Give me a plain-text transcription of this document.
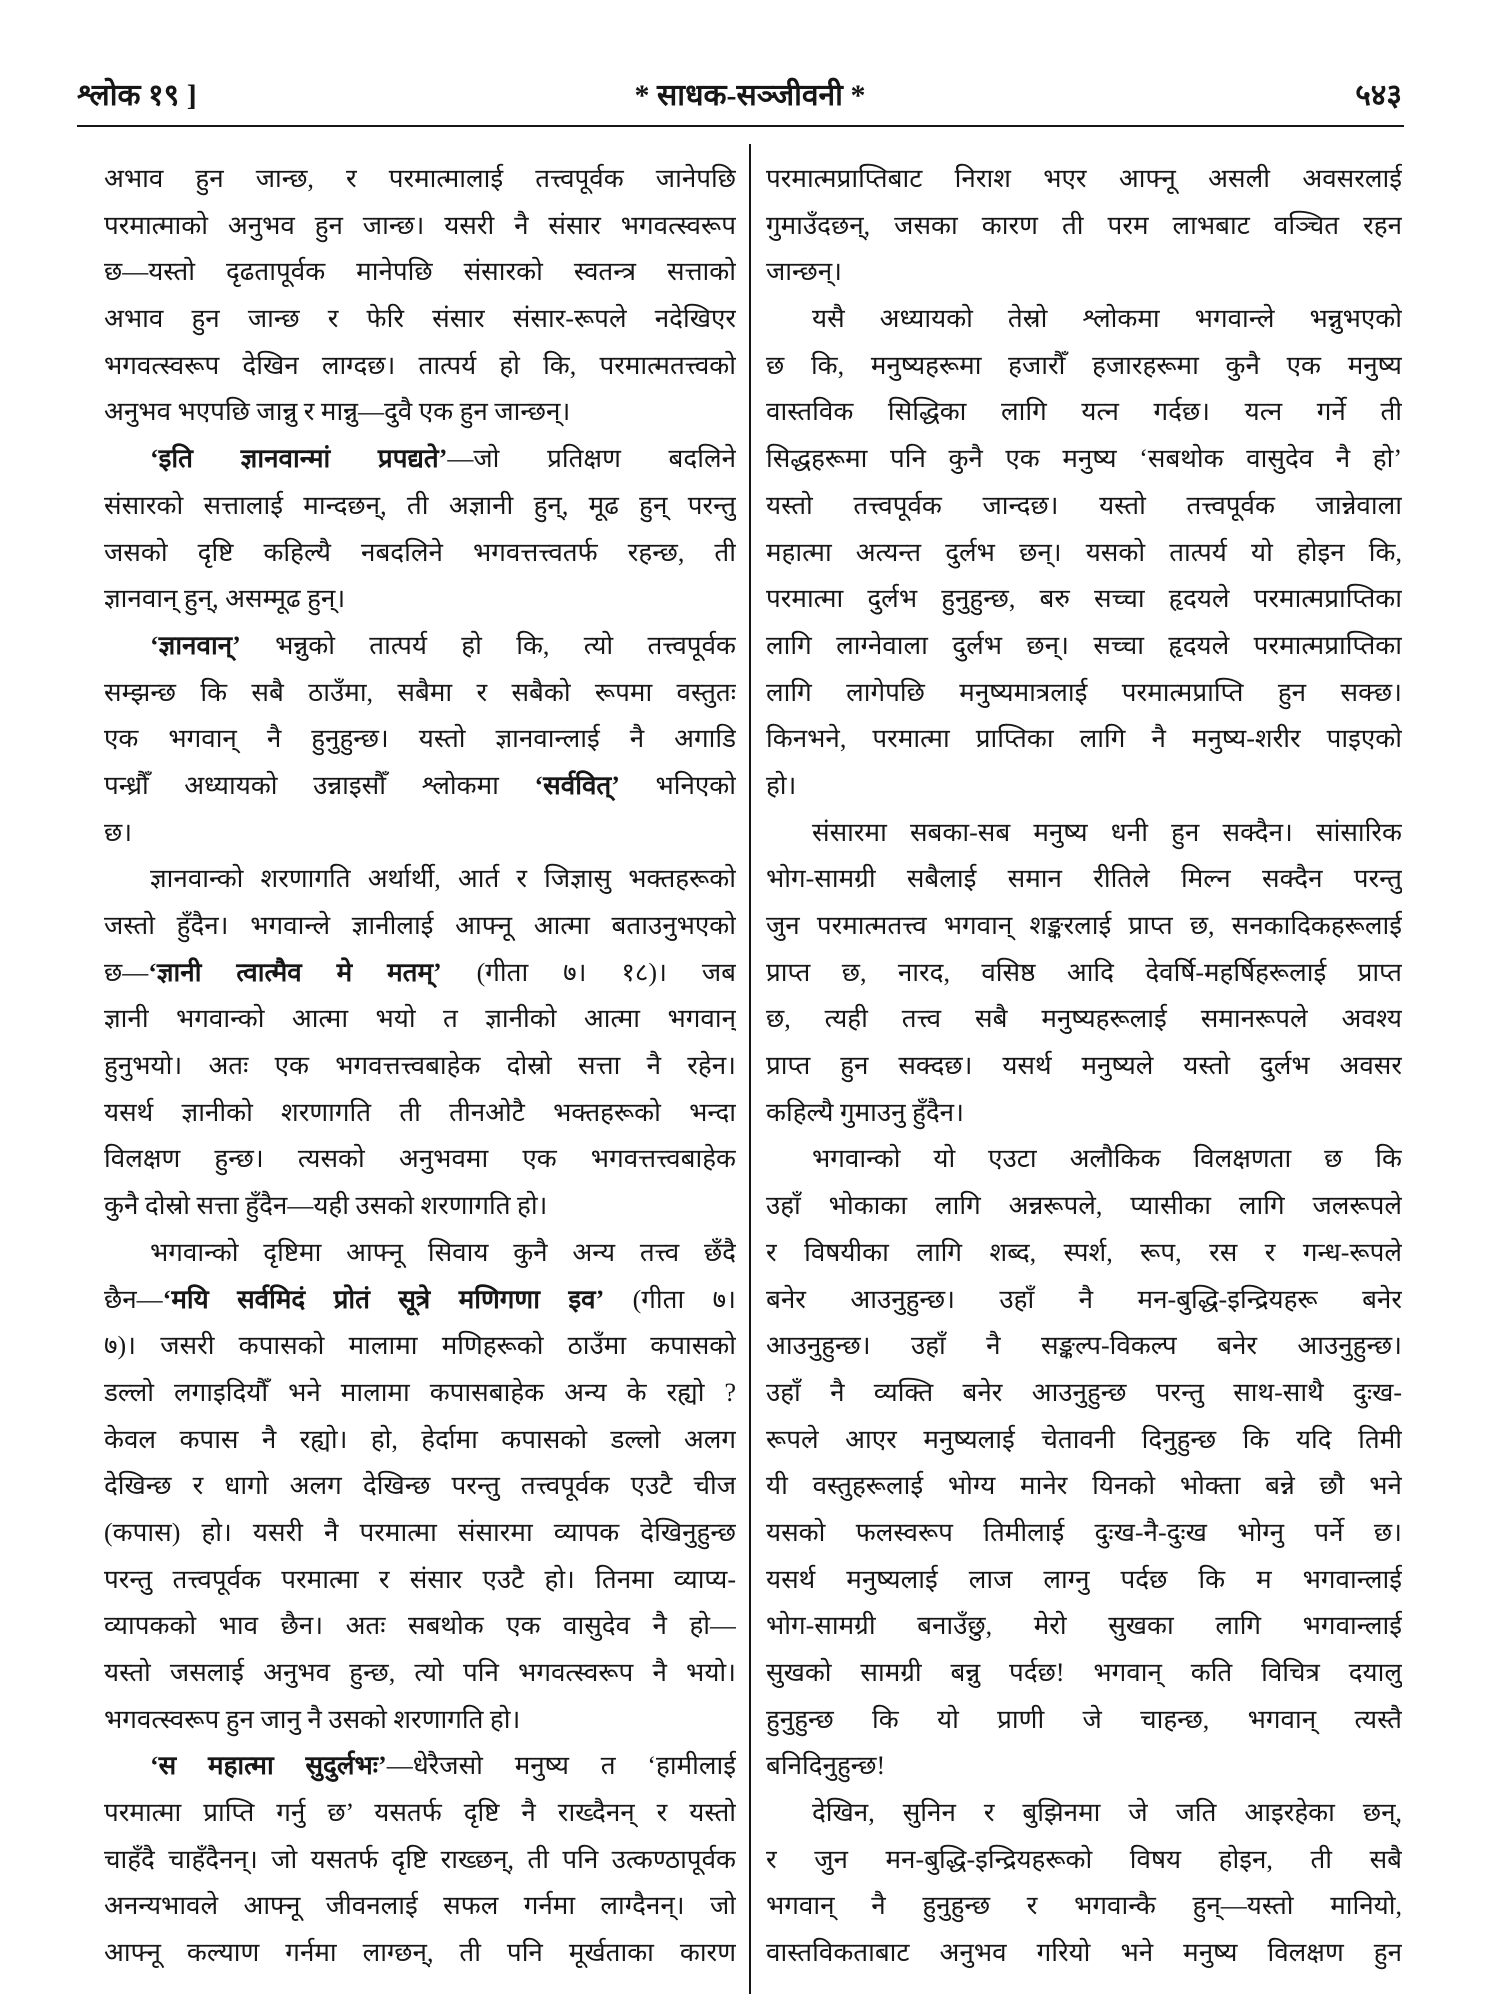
श्लोक १९ ]	* साधक-सञ्जीवनी *	५४३
अभाव हुन जान्छ, र परमात्मालाई तत्त्वपूर्वक जानेपछि
परमात्माको अनुभव हुन जान्छ। यसरी नै संसार भगवत्स्वरूप
छ—यस्तो दृढतापूर्वक मानेपछि संसारको स्वतन्त्र सत्ताको
अभाव हुन जान्छ र फेरि संसार संसार-रूपले नदेखिएर
भगवत्स्वरूप देखिन लाग्दछ। तात्पर्य हो कि, परमात्मतत्त्वको
अनुभव भएपछि जान्नु र मान्नु—दुवै एक हुन जान्छन्।
‘इति ज्ञानवान्मां प्रपद्यते’—जो प्रतिक्षण बदलिने
संसारको सत्तालाई मान्दछन्, ती अज्ञानी हुन्, मूढ हुन् परन्तु
जसको दृष्टि कहिल्यै नबदलिने भगवत्तत्त्वतर्फ रहन्छ, ती
ज्ञानवान् हुन्, असम्मूढ हुन्।
‘ज्ञानवान्’ भन्नुको तात्पर्य हो कि, त्यो तत्त्वपूर्वक
सम्झन्छ कि सबै ठाउँमा, सबैमा र सबैको रूपमा वस्तुतः
एक भगवान् नै हुनुहुन्छ। यस्तो ज्ञानवान्लाई नै अगाडि
पन्ध्रौँ अध्यायको उन्नाइसौँ श्लोकमा ‘सर्ववित्’ भनिएको
छ।
ज्ञानवान्को शरणागति अर्थार्थी, आर्त र जिज्ञासु भक्तहरूको
जस्तो हुँदैन। भगवान्ले ज्ञानीलाई आफ्नू आत्मा बताउनुभएको
छ—‘ज्ञानी त्वात्मैव मे मतम्’ (गीता ७। १८)। जब
ज्ञानी भगवान्को आत्मा भयो त ज्ञानीको आत्मा भगवान्
हुनुभयो। अतः एक भगवत्तत्त्वबाहेक दोस्रो सत्ता नै रहेन।
यसर्थ ज्ञानीको शरणागति ती तीनओटै भक्तहरूको भन्दा
विलक्षण हुन्छ। त्यसको अनुभवमा एक भगवत्तत्त्वबाहेक
कुनै दोस्रो सत्ता हुँदैन—यही उसको शरणागति हो।
भगवान्को दृष्टिमा आफ्नू सिवाय कुनै अन्य तत्त्व छँदै
छैन—‘मयि सर्वमिदं प्रोतं सूत्रे मणिगणा इव’ (गीता ७।
७)। जसरी कपासको मालामा मणिहरूको ठाउँमा कपासको
डल्लो लगाइदियौँ भने मालामा कपासबाहेक अन्य के रह्यो ?
केवल कपास नै रह्यो। हो, हेर्दामा कपासको डल्लो अलग
देखिन्छ र धागो अलग देखिन्छ परन्तु तत्त्वपूर्वक एउटै चीज
(कपास) हो। यसरी नै परमात्मा संसारमा व्यापक देखिनुहुन्छ
परन्तु तत्त्वपूर्वक परमात्मा र संसार एउटै हो। तिनमा व्याप्य-
व्यापकको भाव छैन। अतः सबथोक एक वासुदेव नै हो—
यस्तो जसलाई अनुभव हुन्छ, त्यो पनि भगवत्स्वरूप नै भयो।
भगवत्स्वरूप हुन जानु नै उसको शरणागति हो।
‘स महात्मा सुदुर्लभः’—धेरैजसो मनुष्य त ‘हामीलाई
परमात्मा प्राप्ति गर्नु छ’ यसतर्फ दृष्टि नै राख्दैनन् र यस्तो
चाहँदै चाहँदैनन्। जो यसतर्फ दृष्टि राख्छन्, ती पनि उत्कण्ठापूर्वक
अनन्यभावले आफ्नू जीवनलाई सफल गर्नमा लाग्दैनन्। जो
आफ्नू कल्याण गर्नमा लाग्छन्, ती पनि मूर्खताका कारण
परमात्मप्राप्तिबाट निराश भएर आफ्नू असली अवसरलाई
गुमाउँदछन्, जसका कारण ती परम लाभबाट वञ्चित रहन
जान्छन्।
यसै अध्यायको तेस्रो श्लोकमा भगवान्ले भन्नुभएको
छ कि, मनुष्यहरूमा हजारौँ हजारहरूमा कुनै एक मनुष्य
वास्तविक सिद्धिका लागि यत्न गर्दछ। यत्न गर्ने ती
सिद्धहरूमा पनि कुनै एक मनुष्य ‘सबथोक वासुदेव नै हो’
यस्तो तत्त्वपूर्वक जान्दछ। यस्तो तत्त्वपूर्वक जान्नेवाला
महात्मा अत्यन्त दुर्लभ छन्। यसको तात्पर्य यो होइन कि,
परमात्मा दुर्लभ हुनुहुन्छ, बरु सच्चा हृदयले परमात्मप्राप्तिका
लागि लाग्नेवाला दुर्लभ छन्। सच्चा हृदयले परमात्मप्राप्तिका
लागि लागेपछि मनुष्यमात्रलाई परमात्मप्राप्ति हुन सक्छ।
किनभने, परमात्मा प्राप्तिका लागि नै मनुष्य-शरीर पाइएको
हो।
संसारमा सबका-सब मनुष्य धनी हुन सक्दैन। सांसारिक
भोग-सामग्री सबैलाई समान रीतिले मिल्न सक्दैन परन्तु
जुन परमात्मतत्त्व भगवान् शङ्करलाई प्राप्त छ, सनकादिकहरूलाई
प्राप्त छ, नारद, वसिष्ठ आदि देवर्षि-महर्षिहरूलाई प्राप्त
छ, त्यही तत्त्व सबै मनुष्यहरूलाई समानरूपले अवश्य
प्राप्त हुन सक्दछ। यसर्थ मनुष्यले यस्तो दुर्लभ अवसर
कहिल्यै गुमाउनु हुँदैन।
भगवान्को यो एउटा अलौकिक विलक्षणता छ कि
उहाँ भोकाका लागि अन्नरूपले, प्यासीका लागि जलरूपले
र विषयीका लागि शब्द, स्पर्श, रूप, रस र गन्ध-रूपले
बनेर आउनुहुन्छ। उहाँ नै मन-बुद्धि-इन्द्रियहरू बनेर
आउनुहुन्छ। उहाँ नै सङ्कल्प-विकल्प बनेर आउनुहुन्छ।
उहाँ नै व्यक्ति बनेर आउनुहुन्छ परन्तु साथ-साथै दुःख-
रूपले आएर मनुष्यलाई चेतावनी दिनुहुन्छ कि यदि तिमी
यी वस्तुहरूलाई भोग्य मानेर यिनको भोक्ता बन्ने छौ भने
यसको फलस्वरूप तिमीलाई दुःख-नै-दुःख भोग्नु पर्ने छ।
यसर्थ मनुष्यलाई लाज लाग्नु पर्दछ कि म भगवान्लाई
भोग-सामग्री बनाउँछु, मेरो सुखका लागि भगवान्लाई
सुखको सामग्री बन्नु पर्दछ! भगवान् कति विचित्र दयालु
हुनुहुन्छ कि यो प्राणी जे चाहन्छ, भगवान् त्यस्तै
बनिदिनुहुन्छ!
देखिन, सुनिन र बुझिनमा जे जति आइरहेका छन्,
र जुन मन-बुद्धि-इन्द्रियहरूको विषय होइन, ती सबै
भगवान् नै हुनुहुन्छ र भगवान्कै हुन्—यस्तो मानियो,
वास्तविकताबाट अनुभव गरियो भने मनुष्य विलक्षण हुन
